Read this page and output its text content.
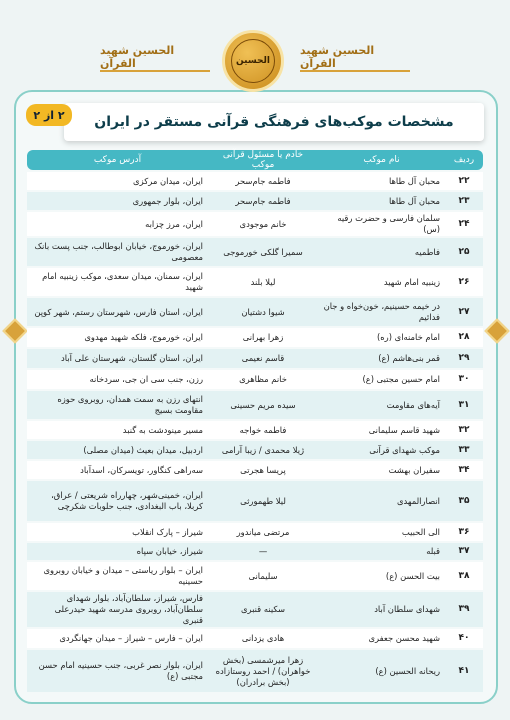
الحسین شهید القرآن
الحسین شهید القرآن
الحسین
مشخصات موکب‌های فرهنگی قرآنی مستقر در ایران
۲ از ۲
ردیف	نام موکب	خادم یا مسئول قرآنی موکب	آدرس موکب
۲۲	محبان آل طاها	فاطمه جام‌سحر	ایران، میدان مرکزی
۲۳	محبان آل طاها	فاطمه جام‌سحر	ایران، بلوار جمهوری
۲۴	سلمان فارسی و حضرت رقیه (س)	خانم موجودی	ایران، مرز چزابه
۲۵	فاطمیه	سمیرا گلکی خورموجی	ایران، خورموج، خیابان ابوطالب، جنب پست بانک معصومی
۲۶	زینبیه امام شهید	لیلا بلند	ایران، سمنان، میدان سعدی، موکب زینبیه امام شهید
۲۷	در خیمه حسینیم، خون‌خواه و جان فدائیم	شیوا دشتیان	ایران، استان فارس، شهرستان رستم، شهر کوپن
۲۸	امام خامنه‌ای (ره)	زهرا بهرانی	ایران، خورموج، فلکه شهید مهدوی
۲۹	قمر بنی‌هاشم (ع)	قاسم نعیمی	ایران، استان گلستان، شهرستان علی آباد
۳۰	امام حسین مجتبی (ع)	خانم مظاهری	رزن، جنب سی ان جی، سردخانه
۳۱	آیه‌های مقاومت	سیده مریم حسینی	انتهای رزن به سمت همدان، روبروی حوزه مقاومت بسیج
۳۲	شهید قاسم سلیمانی	فاطمه خواجه	مسیر مینودشت به گنبد
۳۳	موکب شهدای قرآنی	ژیلا محمدی / زیبا آرامی	اردبیل، میدان بعیث (میدان مصلی)
۳۴	سفیران بهشت	پریسا هجرتی	سه‌راهی کنگاور، تویسرکان، اسدآباد
۳۵	انصارالمهدی	لیلا طهمورثی	ایران، خمینی‌شهر، چهارراه شریعتی / عراق، کربلا، باب البغدادی، جنب حلوبات شکرچی
۳۶	الی الحبیب	مرتضی میاندور	شیراز – پارک انقلاب
۳۷	قبله	—	شیراز، خیابان سپاه
۳۸	بیت الحسن (ع)	سلیمانی	ایران – بلوار ریاستی – میدان و خیابان روبروی حسینیه
۳۹	شهدای سلطان آباد	سکینه قنبری	فارس، شیراز، سلطان‌آباد، بلوار شهدای سلطان‌آباد، روبروی مدرسه شهید حیدرعلی قنبری
۴۰	شهید محسن جعفری	هادی یزدانی	ایران – فارس – شیراز – میدان جهانگردی
۴۱	ریحانه الحسین (ع)	زهرا میرشمسی (بخش خواهران) / احمد روستازاده (بخش برادران)	ایران، بلوار نصر غربی، جنب حسینیه امام حسن مجتبی (ع)
